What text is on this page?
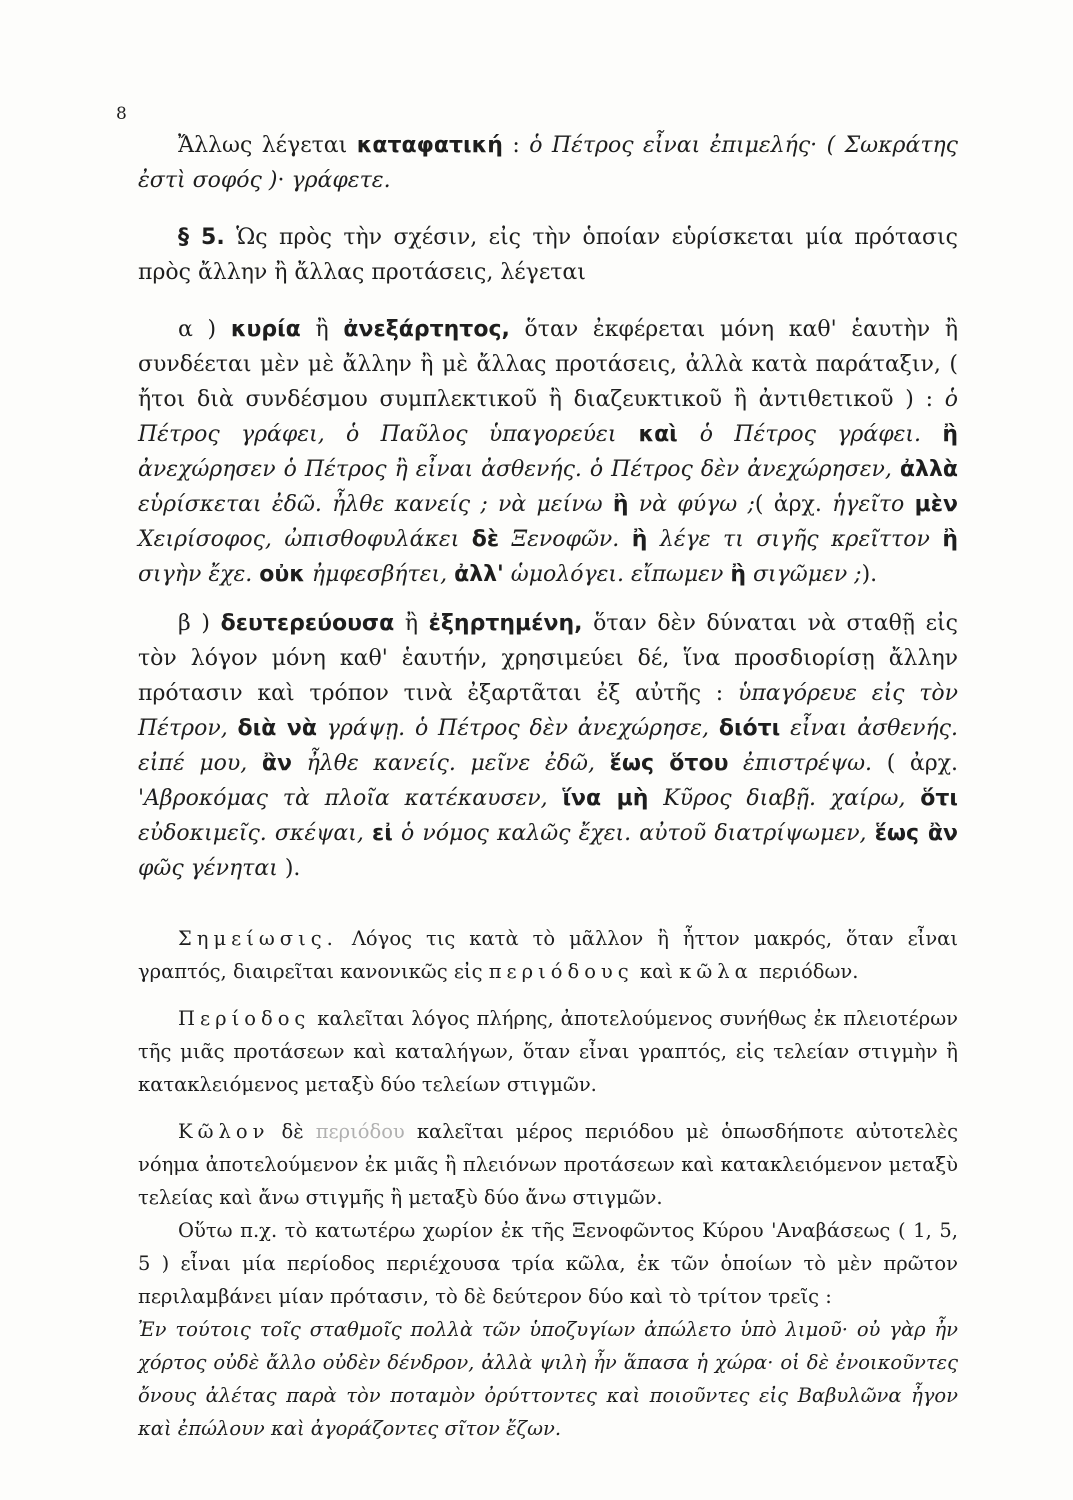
8

Ἄλλως λέγεται καταφατική : ὁ Πέτρος εἶναι ἐπιμελής· ( Σωκράτης ἐστὶ σοφός )· γράφετε.

§ 5. Ὡς πρὸς τὴν σχέσιν, εἰς τὴν ὁποίαν εὑρίσκεται μία πρότασις πρὸς ἄλλην ἢ ἄλλας προτάσεις, λέγεται

α ) κυρία ἢ ἀνεξάρτητος, ὅταν ἐκφέρεται μόνη καθ' ἑαυτὴν ἢ συνδέεται μὲν μὲ ἄλλην ἢ μὲ ἄλλας προτάσεις, ἀλλὰ κατὰ παράταξιν, ( ἤτοι διὰ συνδέσμου συμπλεκτικοῦ ἢ διαζευκτικοῦ ἢ ἀντιθετικοῦ ) : ὁ Πέτρος γράφει, ὁ Παῦλος ὑπαγορεύει καὶ ὁ Πέτρος γράφει. ἢ ἀνεχώρησεν ὁ Πέτρος ἢ εἶναι ἀσθενής. ὁ Πέτρος δὲν ἀνεχώρησεν, ἀλλὰ εὑρίσκεται ἐδῶ. ἦλθε κανείς ; νὰ μείνω ἢ νὰ φύγω ;( ἀρχ. ἡγεῖτο μὲν Χειρίσοφος, ὠπισθοφυλάκει δὲ Ξενοφῶν. ἢ λέγε τι σιγῆς κρεῖττον ἢ σιγὴν ἔχε. οὐκ ἠμφεσβήτει, ἀλλ' ὡμολόγει. εἴπωμεν ἢ σιγῶμεν ;).

β ) δευτερεύουσα ἢ ἐξηρτημένη, ὅταν δὲν δύναται νὰ σταθῇ εἰς τὸν λόγον μόνη καθ' ἑαυτήν, χρησιμεύει δέ, ἵνα προσδιορίσῃ ἄλλην πρότασιν καὶ τρόπον τινὰ ἐξαρτᾶται ἐξ αὐτῆς : ὑπαγόρευε εἰς τὸν Πέτρον, διὰ νὰ γράψῃ. ὁ Πέτρος δὲν ἀνεχώρησε, διότι εἶναι ἀσθενής. εἰπέ μου, ἂν ἦλθε κανείς. μεῖνε ἐδῶ, ἕως ὅτου ἐπιστρέψω. ( ἀρχ. 'Αβροκόμας τὰ πλοῖα κατέκαυσεν, ἵνα μὴ Κῦρος διαβῇ. χαίρω, ὅτι εὐδοκιμεῖς. σκέψαι, εἰ ὁ νόμος καλῶς ἔχει. αὐτοῦ διατρίψωμεν, ἕως ἂν φῶς γένηται ).

Σημείωσις. Λόγος τις κατὰ τὸ μᾶλλον ἢ ἧττον μακρός, ὅταν εἶναι γραπτός, διαιρεῖται κανονικῶς εἰς περιόδους καὶ κῶλα περιόδων.

Περίοδος καλεῖται λόγος πλήρης, ἀποτελούμενος συνήθως ἐκ πλειοτέρων τῆς μιᾶς προτάσεων καὶ καταλήγων, ὅταν εἶναι γραπτός, εἰς τελείαν στιγμὴν ἢ κατακλειόμενος μεταξὺ δύο τελείων στιγμῶν.

Κῶλον δὲ περιόδου καλεῖται μέρος περιόδου μὲ ὁπωσδήποτε αὐτοτελὲς νόημα ἀποτελούμενον ἐκ μιᾶς ἢ πλειόνων προτάσεων καὶ κατακλειόμενον μεταξὺ τελείας καὶ ἄνω στιγμῆς ἢ μεταξὺ δύο ἄνω στιγμῶν.

Οὕτω π.χ. τὸ κατωτέρω χωρίον ἐκ τῆς Ξενοφῶντος Κύρου 'Αναβάσεως ( 1, 5, 5 ) εἶναι μία περίοδος περιέχουσα τρία κῶλα, ἐκ τῶν ὁποίων τὸ μὲν πρῶτον περιλαμβάνει μίαν πρότασιν, τὸ δὲ δεύτερον δύο καὶ τὸ τρίτον τρεῖς :

Ἐν τούτοις τοῖς σταθμοῖς πολλὰ τῶν ὑποζυγίων ἀπώλετο ὑπὸ λιμοῦ· οὐ γὰρ ἦν χόρτος οὐδὲ ἄλλο οὐδὲν δένδρον, ἀλλὰ ψιλὴ ἦν ἅπασα ἡ χώρα· οἱ δὲ ἐνοικοῦντες ὄνους ἀλέτας παρὰ τὸν ποταμὸν ὀρύττοντες καὶ ποιοῦντες εἰς Βαβυλῶνα ἦγον καὶ ἐπώλουν καὶ ἀγοράζοντες σῖτον ἔζων.
